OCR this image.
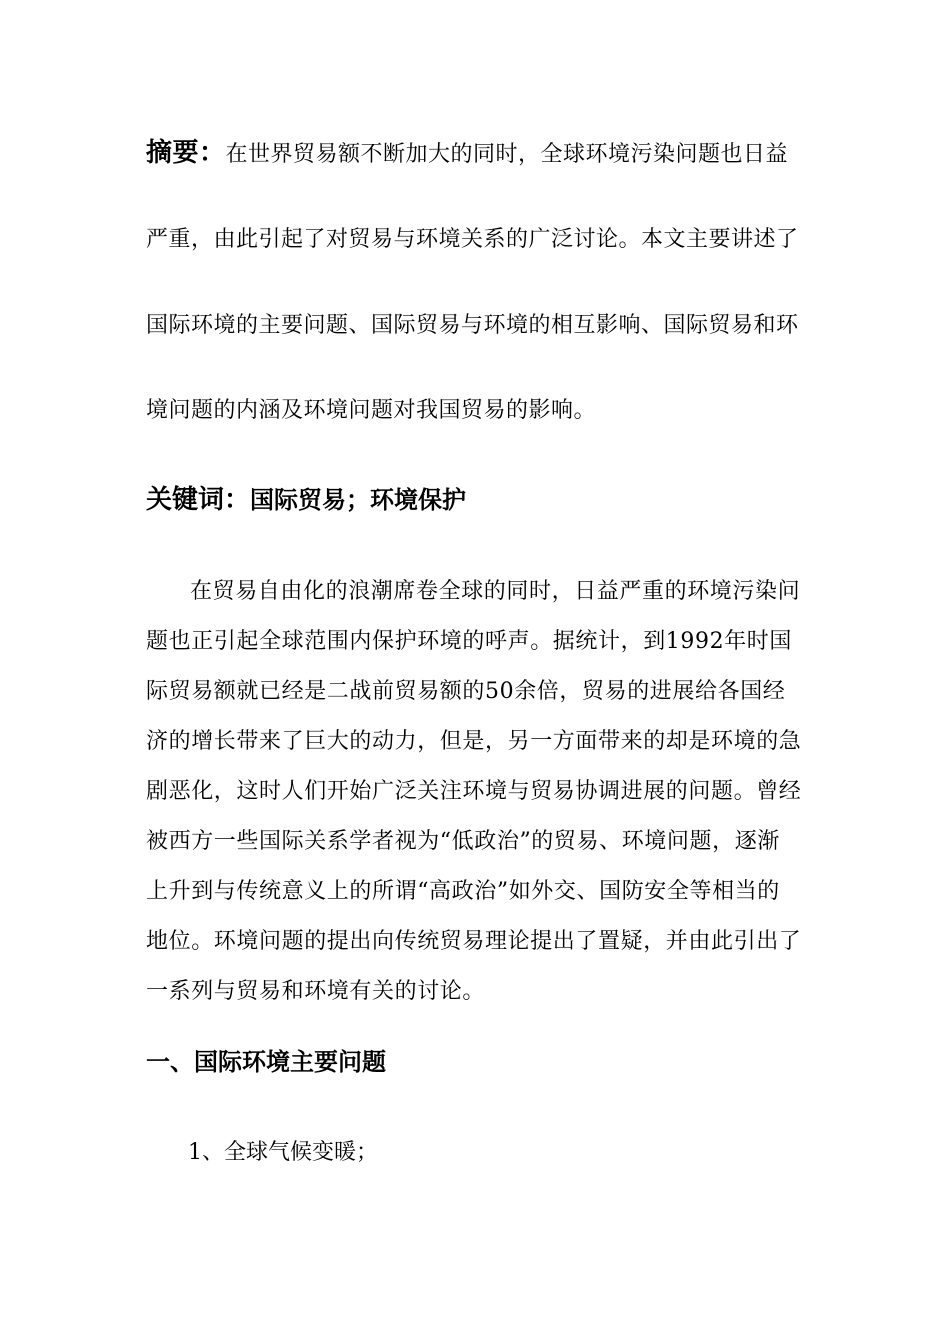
摘要：在世界贸易额不断加大的同时，全球环境污染问题也日益
严重，由此引起了对贸易与环境关系的广泛讨论。本文主要讲述了
国际环境的主要问题、国际贸易与环境的相互影响、国际贸易和环
境问题的内涵及环境问题对我国贸易的影响。
关键词：国际贸易；环境保护
在贸易自由化的浪潮席卷全球的同时，日益严重的环境污染问
题也正引起全球范围内保护环境的呼声。据统计，到1992年时国
际贸易额就已经是二战前贸易额的50余倍，贸易的进展给各国经
济的增长带来了巨大的动力，但是，另一方面带来的却是环境的急
剧恶化，这时人们开始广泛关注环境与贸易协调进展的问题。曾经
被西方一些国际关系学者视为“低政治”的贸易、环境问题，逐渐
上升到与传统意义上的所谓“高政治”如外交、国防安全等相当的
地位。环境问题的提出向传统贸易理论提出了置疑，并由此引出了
一系列与贸易和环境有关的讨论。
一、国际环境主要问题
1、全球气候变暖；
